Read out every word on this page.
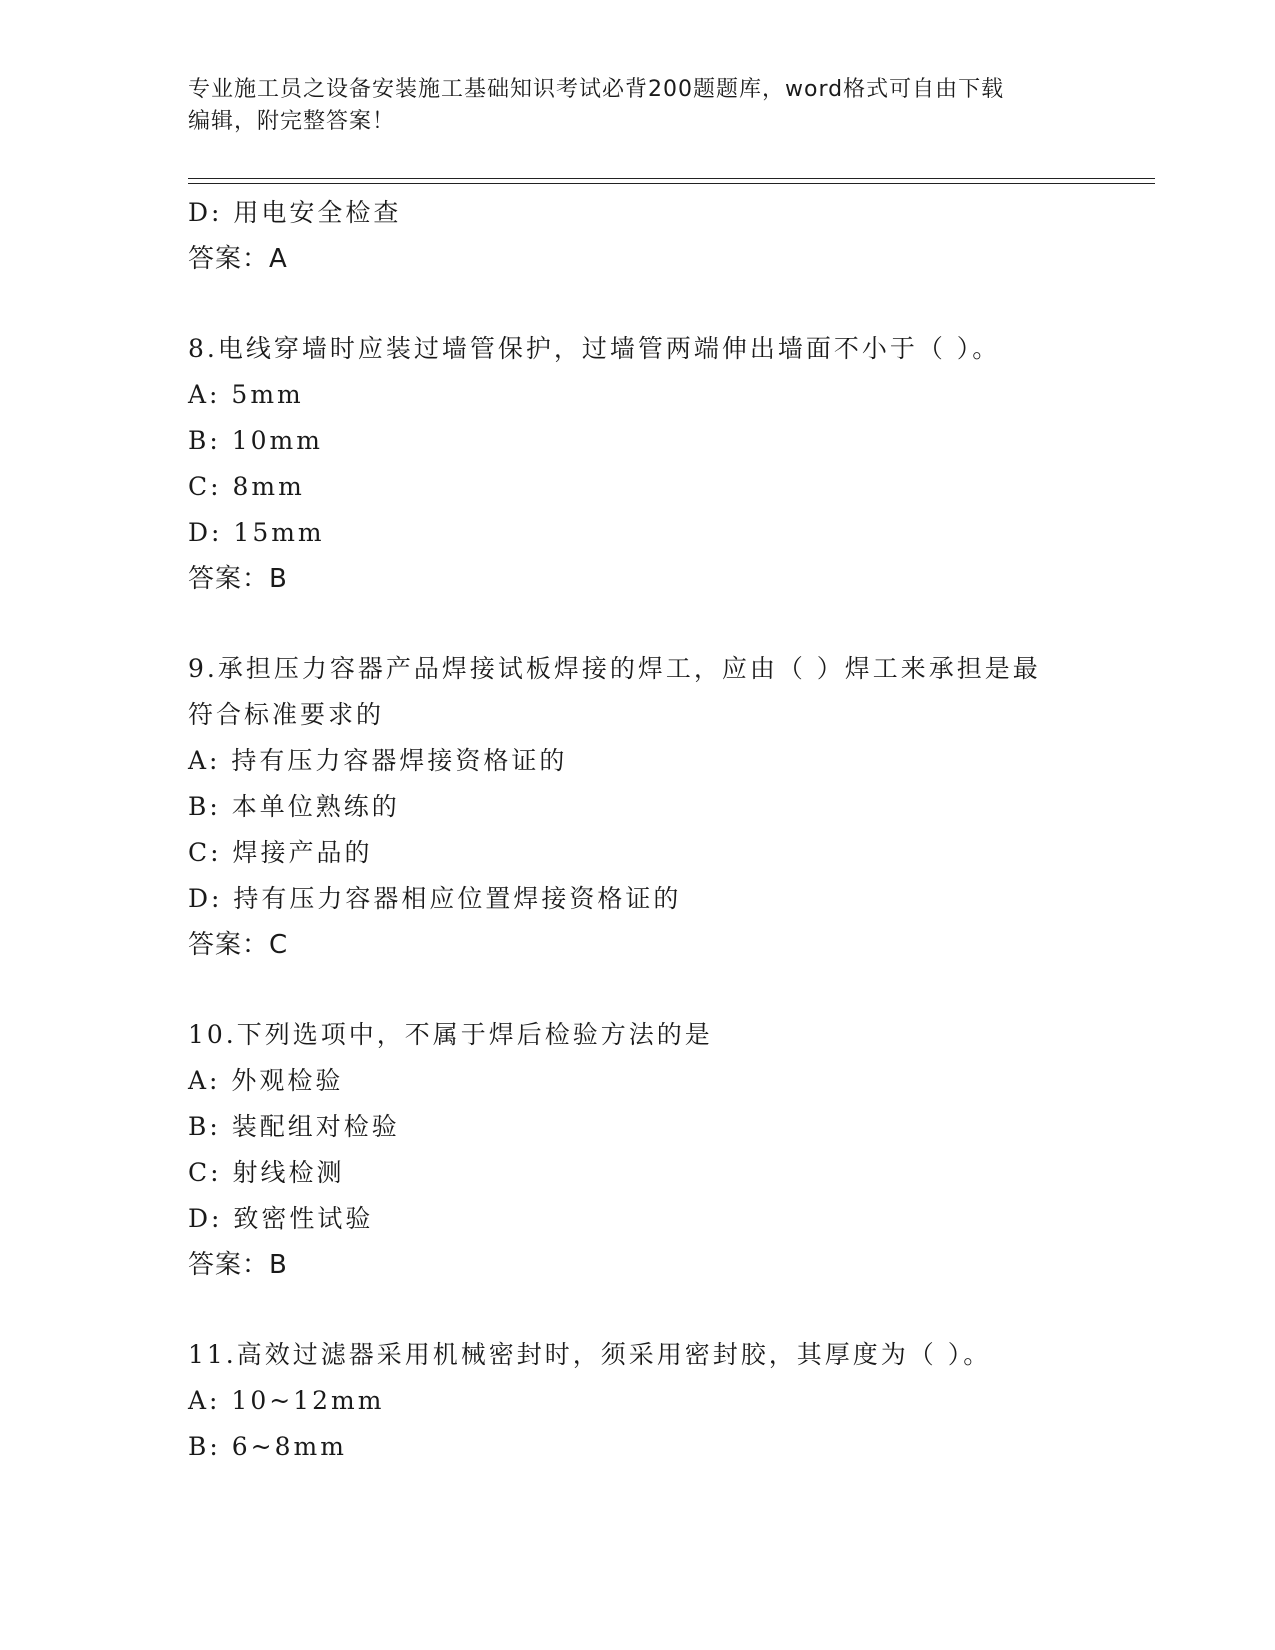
专业施工员之设备安装施工基础知识考试必背200题题库，word格式可自由下载
编辑，附完整答案！
D: 用电安全检查
答案：A
8.电线穿墙时应装过墙管保护，过墙管两端伸出墙面不小于（ ）。
A: 5mm
B: 10mm
C: 8mm
D: 15mm
答案：B
9.承担压力容器产品焊接试板焊接的焊工，应由（ ）焊工来承担是最
符合标准要求的
A: 持有压力容器焊接资格证的
B: 本单位熟练的
C: 焊接产品的
D: 持有压力容器相应位置焊接资格证的
答案：C
10.下列选项中，不属于焊后检验方法的是
A: 外观检验
B: 装配组对检验
C: 射线检测
D: 致密性试验
答案：B
11.高效过滤器采用机械密封时，须采用密封胶，其厚度为（ ）。
A: 10~12mm
B: 6~8mm
